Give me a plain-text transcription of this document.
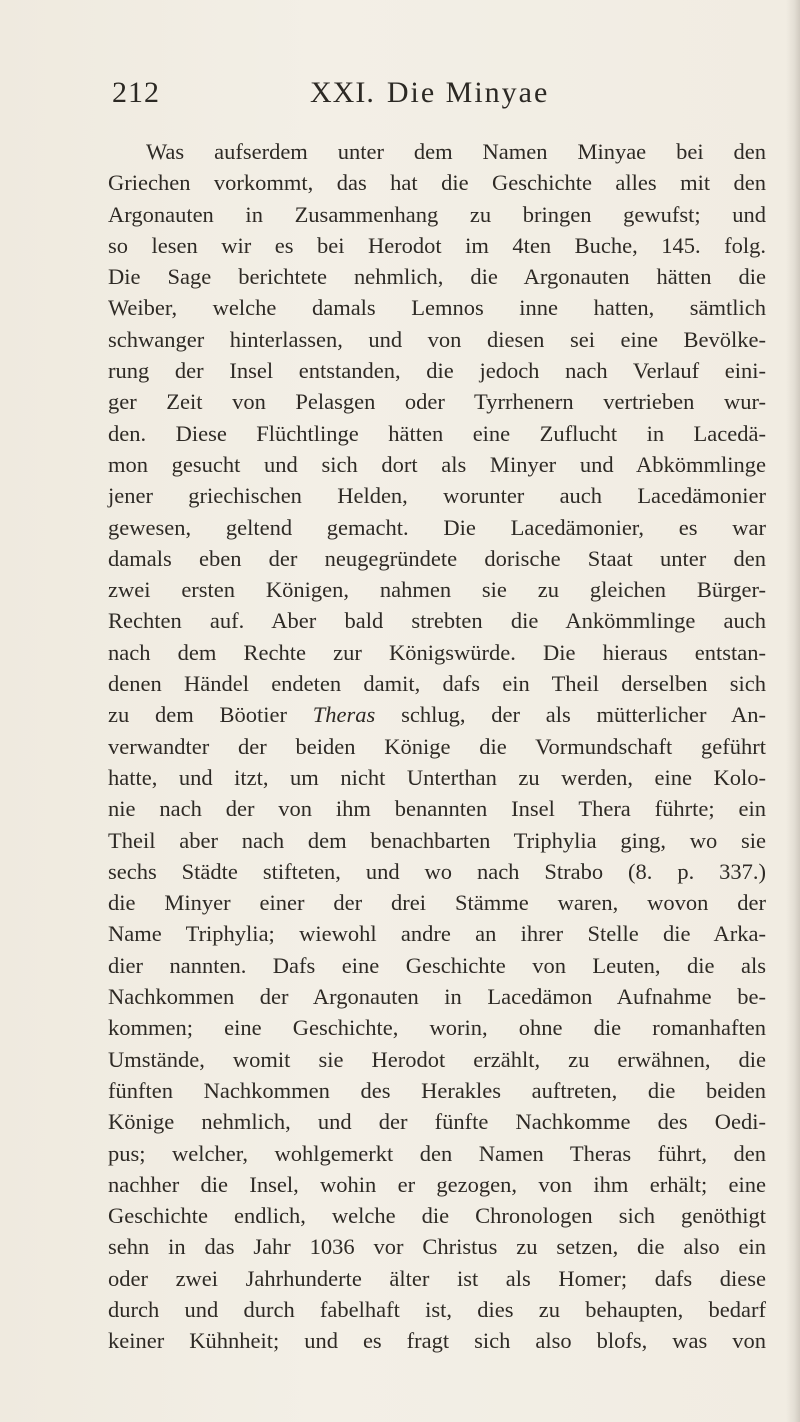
212	XXI. Die Minyae
Was aufserdem unter dem Namen Minyae bei den
Griechen vorkommt, das hat die Geschichte alles mit den
Argonauten in Zusammenhang zu bringen gewufst; und
so lesen wir es bei Herodot im 4ten Buche, 145. folg.
Die Sage berichtete nehmlich, die Argonauten hätten die
Weiber, welche damals Lemnos inne hatten, sämtlich
schwanger hinterlassen, und von diesen sei eine Bevölke-
rung der Insel entstanden, die jedoch nach Verlauf eini-
ger Zeit von Pelasgen oder Tyrrhenern vertrieben wur-
den. Diese Flüchtlinge hätten eine Zuflucht in Lacedä-
mon gesucht und sich dort als Minyer und Abkömmlinge
jener griechischen Helden, worunter auch Lacedämonier
gewesen, geltend gemacht. Die Lacedämonier, es war
damals eben der neugegründete dorische Staat unter den
zwei ersten Königen, nahmen sie zu gleichen Bürger-
Rechten auf. Aber bald strebten die Ankömmlinge auch
nach dem Rechte zur Königswürde. Die hieraus entstan-
denen Händel endeten damit, dafs ein Theil derselben sich
zu dem Böotier Theras schlug, der als mütterlicher An-
verwandter der beiden Könige die Vormundschaft geführt
hatte, und itzt, um nicht Unterthan zu werden, eine Kolo-
nie nach der von ihm benannten Insel Thera führte; ein
Theil aber nach dem benachbarten Triphylia ging, wo sie
sechs Städte stifteten, und wo nach Strabo (8. p. 337.)
die Minyer einer der drei Stämme waren, wovon der
Name Triphylia; wiewohl andre an ihrer Stelle die Arka-
dier nannten. Dafs eine Geschichte von Leuten, die als
Nachkommen der Argonauten in Lacedämon Aufnahme be-
kommen; eine Geschichte, worin, ohne die romanhaften
Umstände, womit sie Herodot erzählt, zu erwähnen, die
fünften Nachkommen des Herakles auftreten, die beiden
Könige nehmlich, und der fünfte Nachkomme des Oedi-
pus; welcher, wohlgemerkt den Namen Theras führt, den
nachher die Insel, wohin er gezogen, von ihm erhält; eine
Geschichte endlich, welche die Chronologen sich genöthigt
sehn in das Jahr 1036 vor Christus zu setzen, die also ein
oder zwei Jahrhunderte älter ist als Homer; dafs diese
durch und durch fabelhaft ist, dies zu behaupten, bedarf
keiner Kühnheit; und es fragt sich also blofs, was von
